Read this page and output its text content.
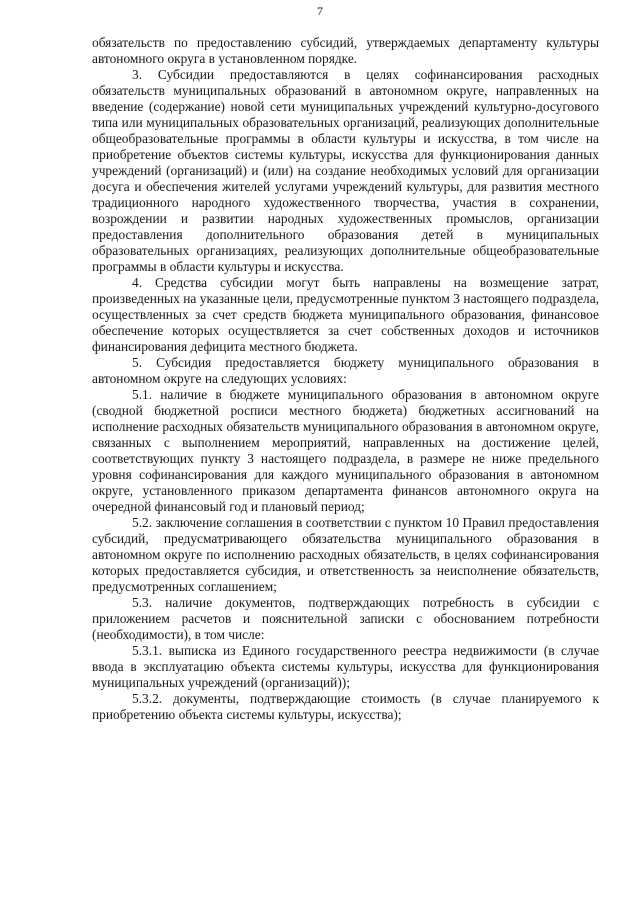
7

обязательств по предоставлению субсидий, утверждаемых департаменту культуры автономного округа в установленном порядке.

3. Субсидии предоставляются в целях софинансирования расходных обязательств муниципальных образований в автономном округе, направленных на введение (содержание) новой сети муниципальных учреждений культурно-досугового типа или муниципальных образовательных организаций, реализующих дополнительные общеобразовательные программы в области культуры и искусства, в том числе на приобретение объектов системы культуры, искусства для функционирования данных учреждений (организаций) и (или) на создание необходимых условий для организации досуга и обеспечения жителей услугами учреждений культуры, для развития местного традиционного народного художественного творчества, участия в сохранении, возрождении и развитии народных художественных промыслов, организации предоставления дополнительного образования детей в муниципальных образовательных организациях, реализующих дополнительные общеобразовательные программы в области культуры и искусства.

4. Средства субсидии могут быть направлены на возмещение затрат, произведенных на указанные цели, предусмотренные пунктом 3 настоящего подраздела, осуществленных за счет средств бюджета муниципального образования, финансовое обеспечение которых осуществляется за счет собственных доходов и источников финансирования дефицита местного бюджета.

5. Субсидия предоставляется бюджету муниципального образования в автономном округе на следующих условиях:

5.1. наличие в бюджете муниципального образования в автономном округе (сводной бюджетной росписи местного бюджета) бюджетных ассигнований на исполнение расходных обязательств муниципального образования в автономном округе, связанных с выполнением мероприятий, направленных на достижение целей, соответствующих пункту 3 настоящего подраздела, в размере не ниже предельного уровня софинансирования для каждого муниципального образования в автономном округе, установленного приказом департамента финансов автономного округа на очередной финансовый год и плановый период;

5.2. заключение соглашения в соответствии с пунктом 10 Правил предоставления субсидий, предусматривающего обязательства муниципального образования в автономном округе по исполнению расходных обязательств, в целях софинансирования которых предоставляется субсидия, и ответственность за неисполнение обязательств, предусмотренных соглашением;

5.3. наличие документов, подтверждающих потребность в субсидии с приложением расчетов и пояснительной записки с обоснованием потребности (необходимости), в том числе:

5.3.1. выписка из Единого государственного реестра недвижимости (в случае ввода в эксплуатацию объекта системы культуры, искусства для функционирования муниципальных учреждений (организаций));

5.3.2. документы, подтверждающие стоимость (в случае планируемого к приобретению объекта системы культуры, искусства);
